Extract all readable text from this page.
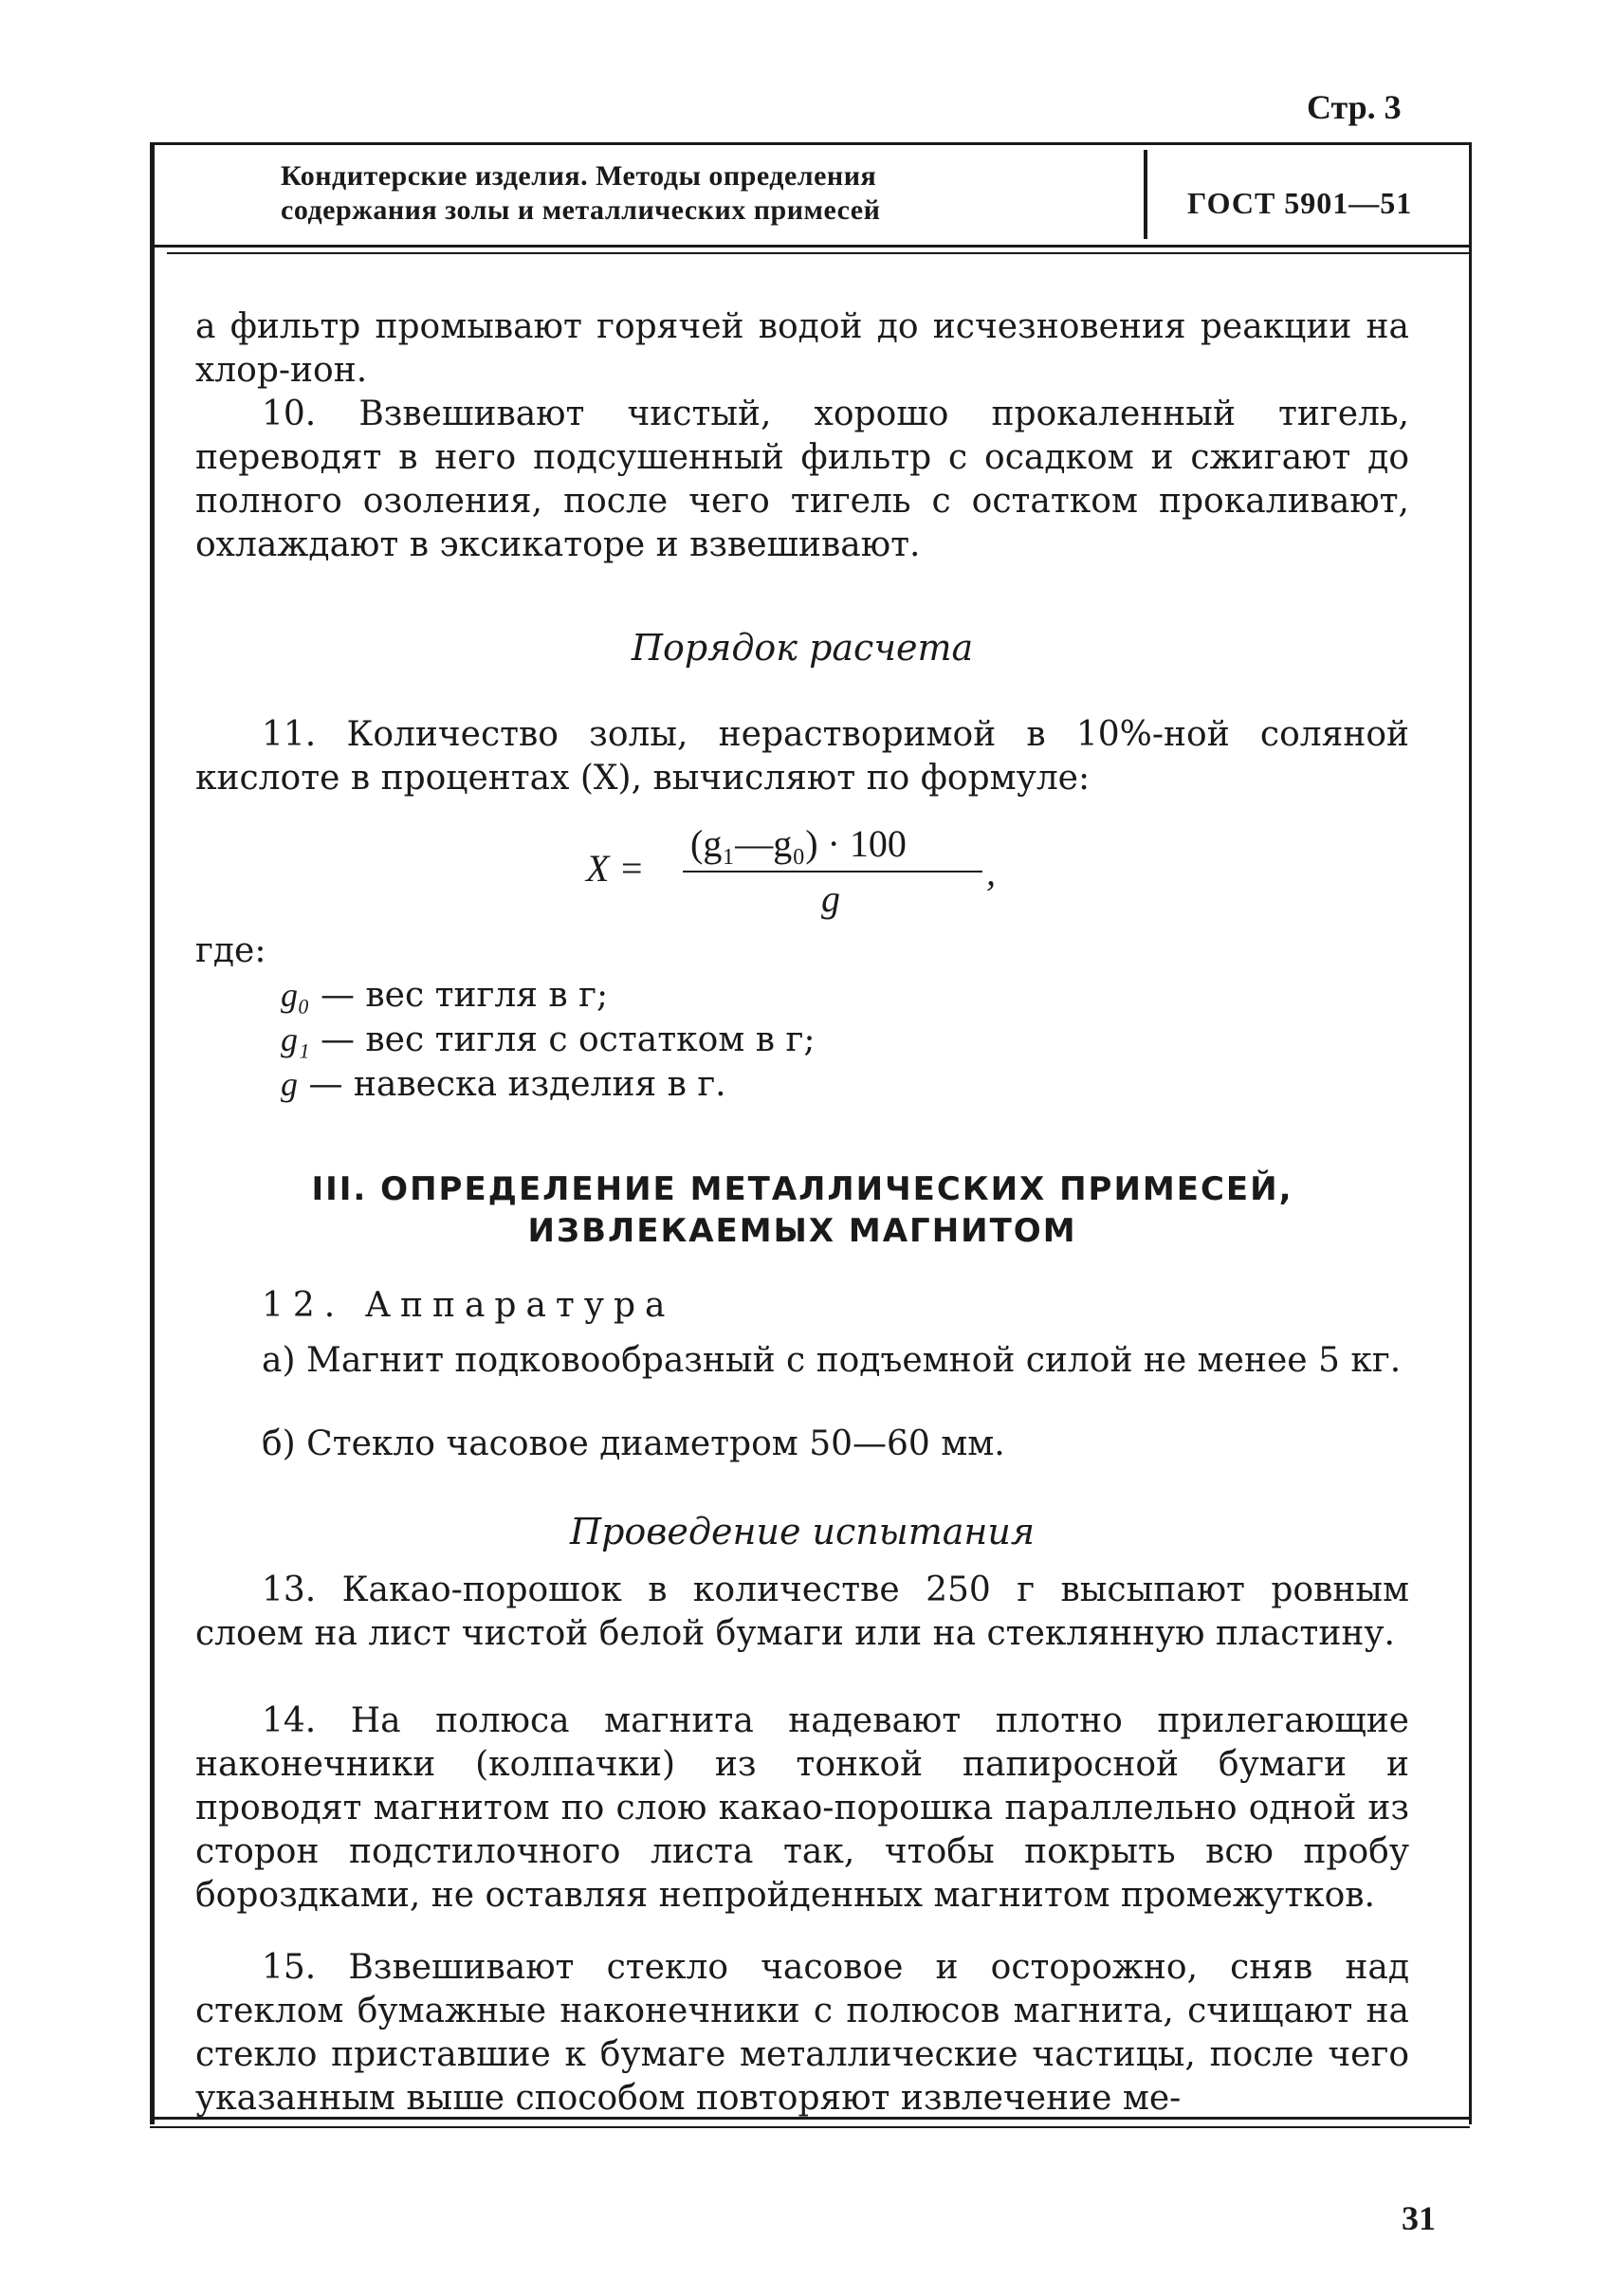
Стр. 3
Кондитерские изделия. Методы определения
содержания золы и металлических примесей	ГОСТ 5901—51
а фильтр промывают горячей водой до исчезновения реакции на хлор-ион.
10. Взвешивают чистый, хорошо прокаленный тигель, переводят в него подсушенный фильтр с осадком и сжигают до полного озоления, после чего тигель с остатком прокаливают, охлаждают в эксикаторе и взвешивают.
Порядок расчета
11. Количество золы, нерастворимой в 10%-ной соляной кислоте в процентах (X), вычисляют по формуле:
X =
(g₁—g₀) · 100
g
,
где:
g₀ — вес тигля в г;
g₁ — вес тигля с остатком в г;
g — навеска изделия в г.
III. ОПРЕДЕЛЕНИЕ МЕТАЛЛИЧЕСКИХ ПРИМЕСЕЙ,
ИЗВЛЕКАЕМЫХ МАГНИТОМ
12. Аппаратура
а) Магнит подковообразный с подъемной силой не менее 5 кг.
б) Стекло часовое диаметром 50—60 мм.
Проведение испытания
13. Какао-порошок в количестве 250 г высыпают ровным слоем на лист чистой белой бумаги или на стеклянную пластину.
14. На полюса магнита надевают плотно прилегающие наконечники (колпачки) из тонкой папиросной бумаги и проводят магнитом по слою какао-порошка параллельно одной из сторон подстилочного листа так, чтобы покрыть всю пробу бороздками, не оставляя непройденных магнитом промежутков.
15. Взвешивают стекло часовое и осторожно, сняв над стеклом бумажные наконечники с полюсов магнита, счищают на стекло приставшие к бумаге металлические частицы, после чего указанным выше способом повторяют извлечение ме-
31
